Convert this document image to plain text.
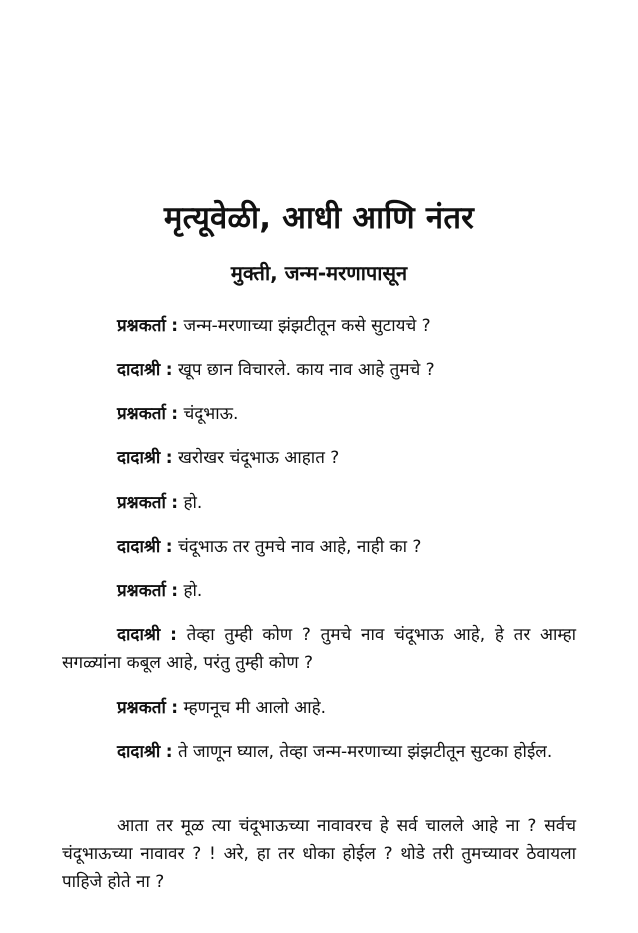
मृत्यूवेळी, आधी आणि नंतर
मुक्ती, जन्म-मरणापासून

प्रश्नकर्ता : जन्म-मरणाच्या झंझटीतून कसे सुटायचे ?

दादाश्री : खूप छान विचारले. काय नाव आहे तुमचे ?

प्रश्नकर्ता : चंदूभाऊ.

दादाश्री : खरोखर चंदूभाऊ आहात ?

प्रश्नकर्ता : हो.

दादाश्री : चंदूभाऊ तर तुमचे नाव आहे, नाही का ?

प्रश्नकर्ता : हो.

दादाश्री : तेव्हा तुम्ही कोण ? तुमचे नाव चंदूभाऊ आहे, हे तर आम्हा सगळ्यांना कबूल आहे, परंतु तुम्ही कोण ?

प्रश्नकर्ता : म्हणनूच मी आलो आहे.

दादाश्री : ते जाणून घ्याल, तेव्हा जन्म-मरणाच्या झंझटीतून सुटका होईल.

आता तर मूळ त्या चंदूभाऊच्या नावावरच हे सर्व चालले आहे ना ? सर्वच चंदूभाऊच्या नावावर ? ! अरे, हा तर धोका होईल ? थोडे तरी तुमच्यावर ठेवायला पाहिजे होते ना ?
